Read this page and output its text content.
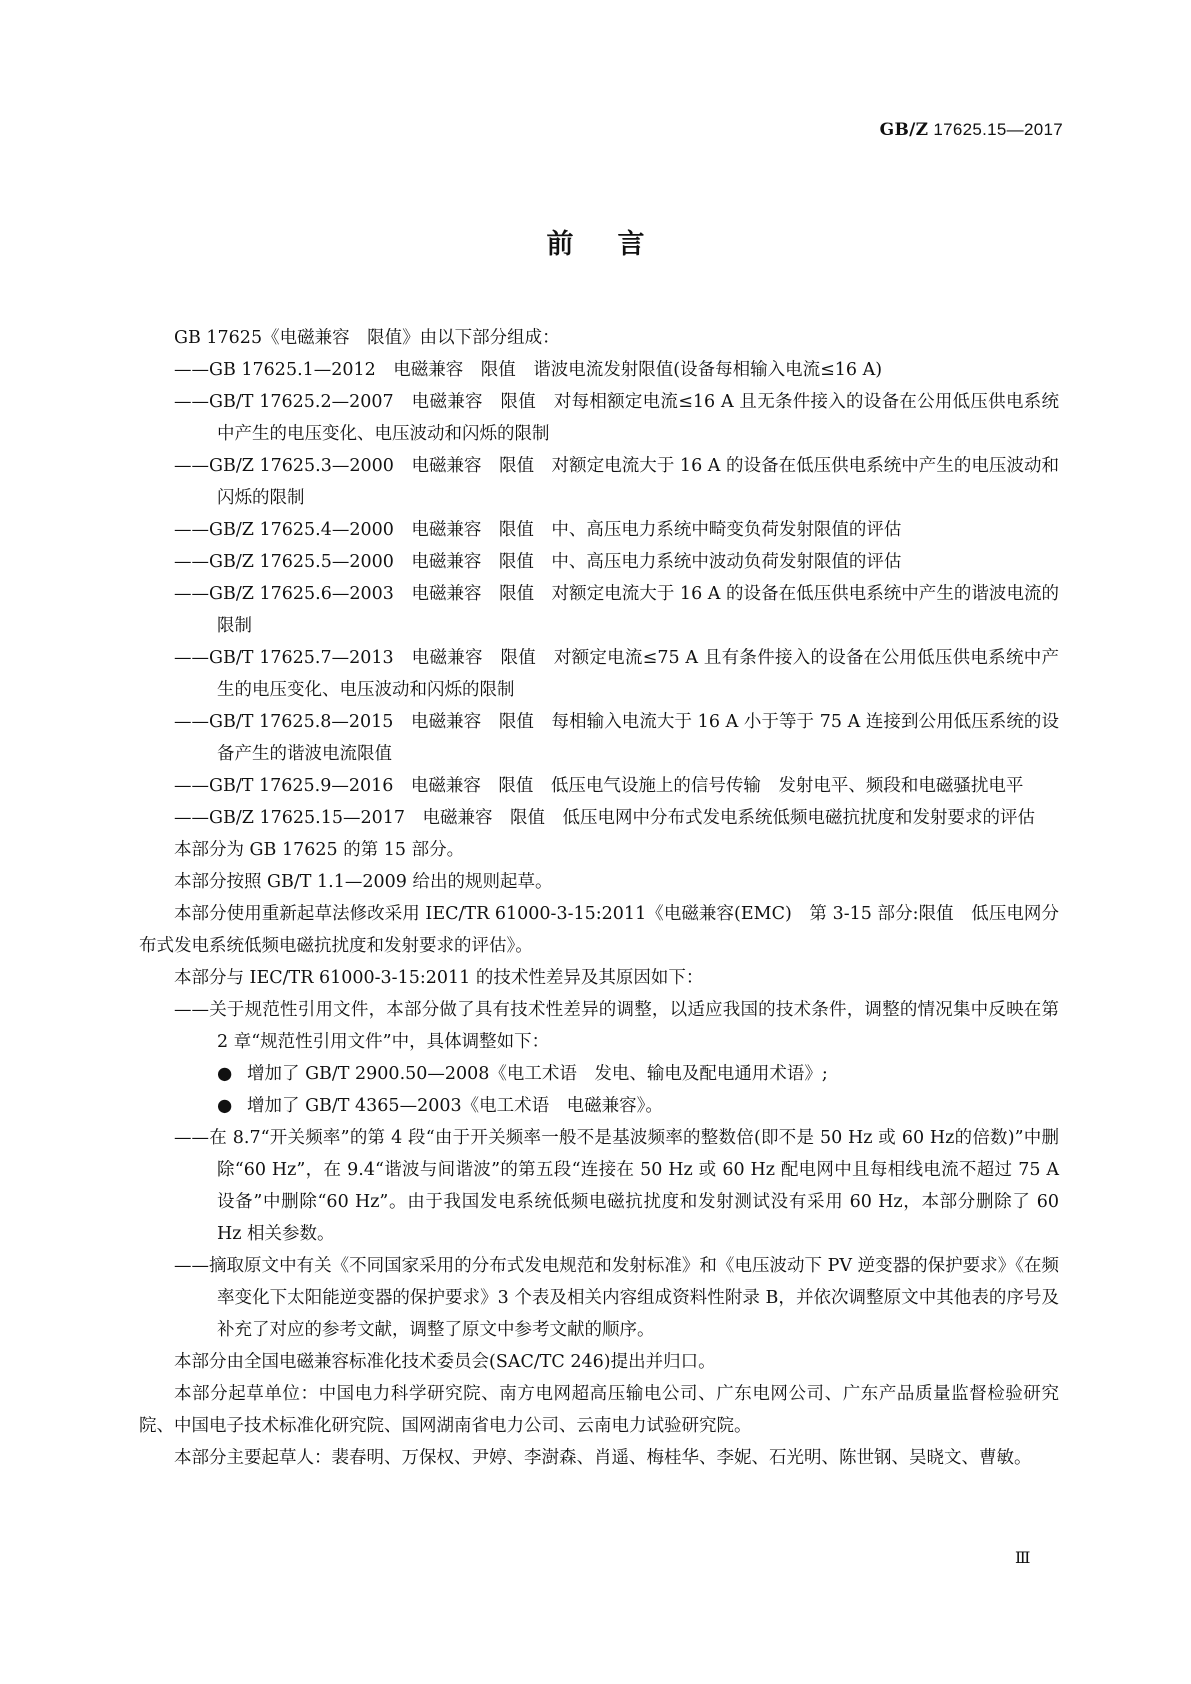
GB/Z 17625.15—2017
前言
GB 17625《电磁兼容　限值》由以下部分组成：
——GB 17625.1—2012　电磁兼容　限值　谐波电流发射限值(设备每相输入电流≤16 A)
——GB/T 17625.2—2007　电磁兼容　限值　对每相额定电流≤16 A 且无条件接入的设备在公用低压供电系统中产生的电压变化、电压波动和闪烁的限制
——GB/Z 17625.3—2000　电磁兼容　限值　对额定电流大于 16 A 的设备在低压供电系统中产生的电压波动和闪烁的限制
——GB/Z 17625.4—2000　电磁兼容　限值　中、高压电力系统中畸变负荷发射限值的评估
——GB/Z 17625.5—2000　电磁兼容　限值　中、高压电力系统中波动负荷发射限值的评估
——GB/Z 17625.6—2003　电磁兼容　限值　对额定电流大于 16 A 的设备在低压供电系统中产生的谐波电流的限制
——GB/T 17625.7—2013　电磁兼容　限值　对额定电流≤75 A 且有条件接入的设备在公用低压供电系统中产生的电压变化、电压波动和闪烁的限制
——GB/T 17625.8—2015　电磁兼容　限值　每相输入电流大于 16 A 小于等于 75 A 连接到公用低压系统的设备产生的谐波电流限值
——GB/T 17625.9—2016　电磁兼容　限值　低压电气设施上的信号传输　发射电平、频段和电磁骚扰电平
——GB/Z 17625.15—2017　电磁兼容　限值　低压电网中分布式发电系统低频电磁抗扰度和发射要求的评估
本部分为 GB 17625 的第 15 部分。
本部分按照 GB/T 1.1—2009 给出的规则起草。
本部分使用重新起草法修改采用 IEC/TR 61000-3-15:2011《电磁兼容(EMC)　第 3-15 部分:限值　低压电网分布式发电系统低频电磁抗扰度和发射要求的评估》。
本部分与 IEC/TR 61000-3-15:2011 的技术性差异及其原因如下：
——关于规范性引用文件，本部分做了具有技术性差异的调整，以适应我国的技术条件，调整的情况集中反映在第 2 章“规范性引用文件”中，具体调整如下：
● 增加了 GB/T 2900.50—2008《电工术语　发电、输电及配电通用术语》;
● 增加了 GB/T 4365—2003《电工术语　电磁兼容》。
——在 8.7“开关频率”的第 4 段“由于开关频率一般不是基波频率的整数倍(即不是 50 Hz 或 60 Hz的倍数)”中删除“60 Hz”，在 9.4“谐波与间谐波”的第五段“连接在 50 Hz 或 60 Hz 配电网中且每相线电流不超过 75 A 设备”中删除“60 Hz”。由于我国发电系统低频电磁抗扰度和发射测试没有采用 60 Hz，本部分删除了 60 Hz 相关参数。
——摘取原文中有关《不同国家采用的分布式发电规范和发射标准》和《电压波动下 PV 逆变器的保护要求》《在频率变化下太阳能逆变器的保护要求》3 个表及相关内容组成资料性附录 B，并依次调整原文中其他表的序号及补充了对应的参考文献，调整了原文中参考文献的顺序。
本部分由全国电磁兼容标准化技术委员会(SAC/TC 246)提出并归口。
本部分起草单位：中国电力科学研究院、南方电网超高压输电公司、广东电网公司、广东产品质量监督检验研究院、中国电子技术标准化研究院、国网湖南省电力公司、云南电力试验研究院。
本部分主要起草人：裴春明、万保权、尹婷、李澍森、肖遥、梅桂华、李妮、石光明、陈世钢、吴晓文、曹敏。
Ⅲ
